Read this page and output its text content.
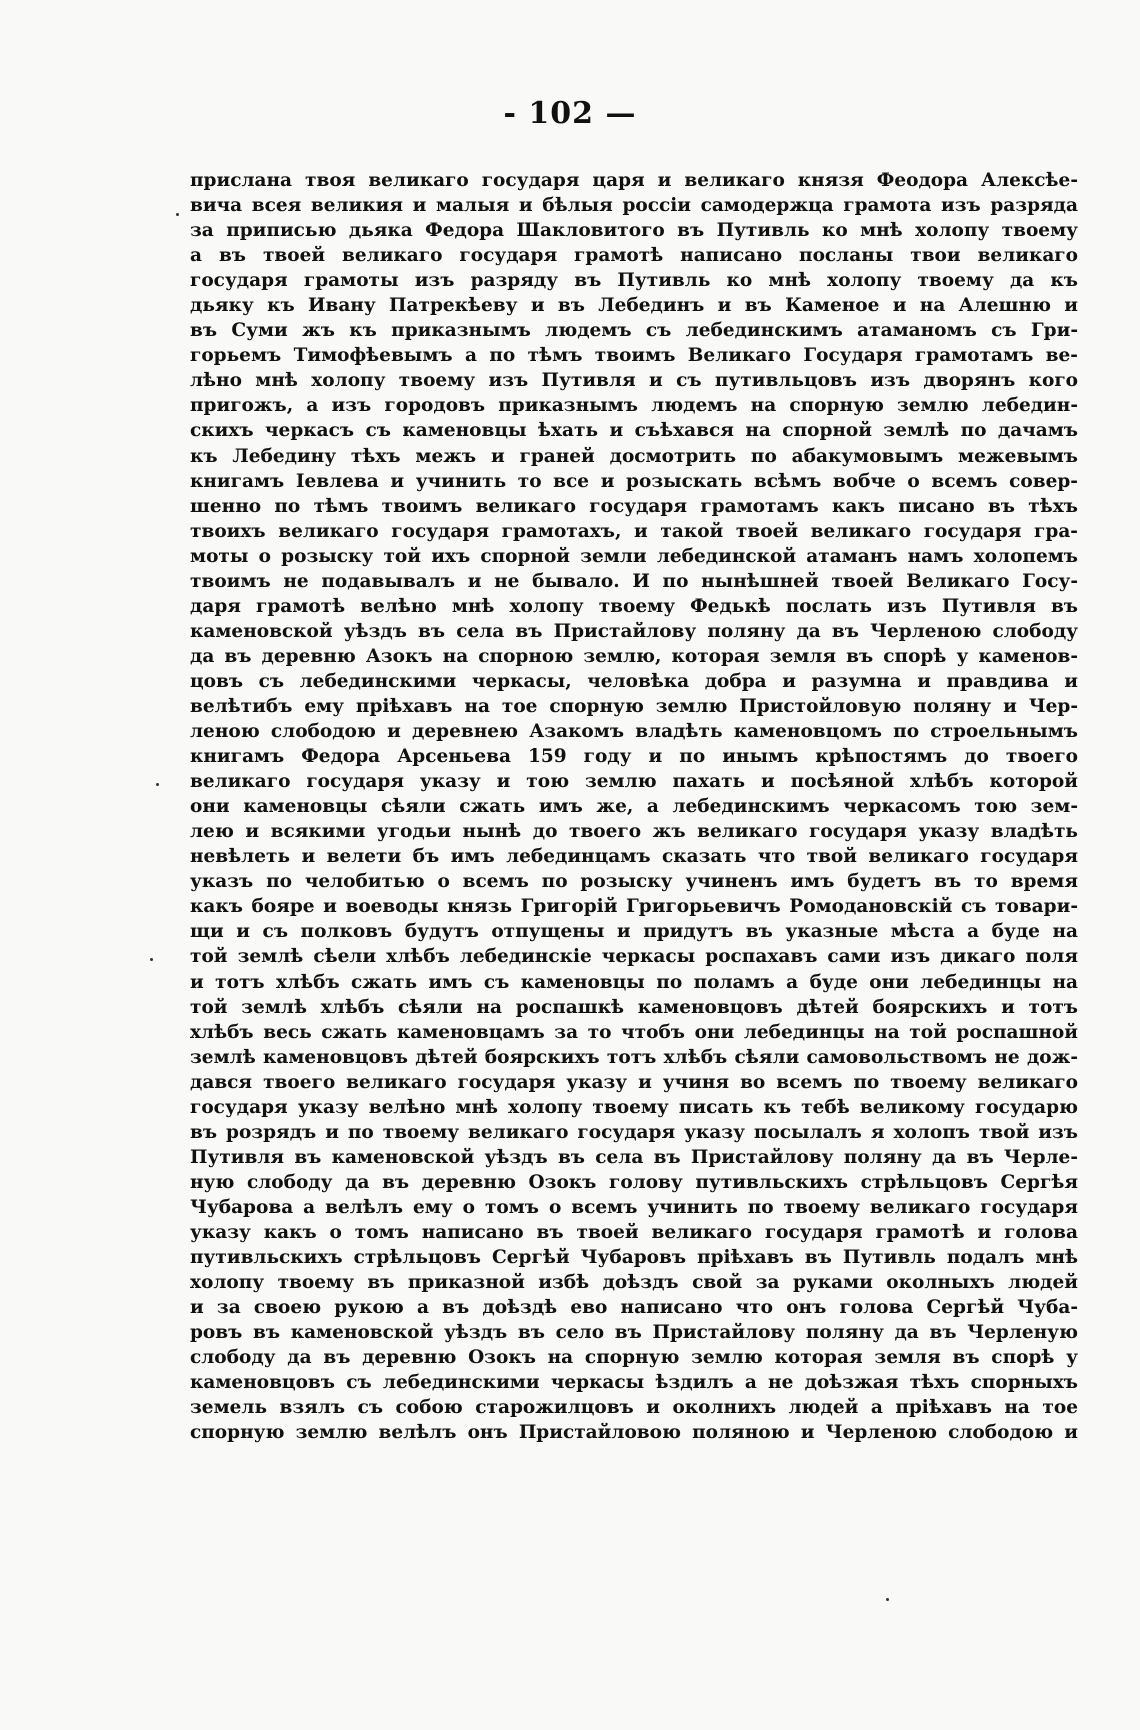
- 102 —
прислана твоя великаго государя царя и великаго князя Феодора Алексѣе-
вича всея великия и малыя и бѣлыя россіи самодержца грамота изъ разряда
за приписью дьяка Федора Шакловитого въ Путивль ко мнѣ холопу твоему
а въ твоей великаго государя грамотѣ написано посланы твои великаго
государя грамоты изъ разряду въ Путивль ко мнѣ холопу твоему да къ
дьяку къ Ивану Патрекѣеву и въ Лебединъ и въ Каменое и на Алешню и
въ Суми жъ къ приказнымъ людемъ съ лебединскимъ атаманомъ съ Гри-
горьемъ Тимофѣевымъ а по тѣмъ твоимъ Великаго Государя грамотамъ ве-
лѣно мнѣ холопу твоему изъ Путивля и съ путивльцовъ изъ дворянъ кого
пригожъ, а изъ городовъ приказнымъ людемъ на спорную землю лебедин-
скихъ черкасъ съ каменовцы ѣхать и съѣхався на спорной землѣ по дачамъ
къ Лебедину тѣхъ межъ и граней досмотрить по абакумовымъ межевымъ
книгамъ Іевлева и учинить то все и розыскать всѣмъ вобче о всемъ совер-
шенно по тѣмъ твоимъ великаго государя грамотамъ какъ писано въ тѣхъ
твоихъ великаго государя грамотахъ, и такой твоей великаго государя гра-
моты о розыску той ихъ спорной земли лебединской атаманъ намъ холопемъ
твоимъ не подавывалъ и не бывало. И по нынѣшней твоей Великаго Госу-
даря грамотѣ велѣно мнѣ холопу твоему Федькѣ послать изъ Путивля въ
каменовской уѣздъ въ села въ Пристайлову поляну да въ Черленою слободу
да въ деревню Азокъ на спорною землю, которая земля въ спорѣ у каменов-
цовъ съ лебединскими черкасы, человѣка добра и разумна и правдива и
велѣтибъ ему пріѣхавъ на тое спорную землю Пристойловую поляну и Чер-
леною слободою и деревнею Азакомъ владѣть каменовцомъ по строельнымъ
книгамъ Федора Арсеньева 159 году и по инымъ крѣпостямъ до твоего
великаго государя указу и тою землю пахать и посѣяной хлѣбъ которой
они каменовцы сѣяли сжать имъ же, а лебединскимъ черкасомъ тою зем-
лею и всякими угодьи нынѣ до твоего жъ великаго государя указу владѣть
невѣлеть и велети бъ имъ лебединцамъ сказать что твой великаго государя
указъ по челобитью о всемъ по розыску учиненъ имъ будетъ въ то время
какъ бояре и воеводы князь Григорій Григорьевичъ Ромодановскій съ товари-
щи и съ полковъ будутъ отпущены и придутъ въ указные мѣста а буде на
той землѣ сѣели хлѣбъ лебединскіе черкасы роспахавъ сами изъ дикаго поля
и тотъ хлѣбъ сжать имъ съ каменовцы по поламъ а буде они лебединцы на
той землѣ хлѣбъ сѣяли на роспашкѣ каменовцовъ дѣтей боярскихъ и тотъ
хлѣбъ весь сжать каменовцамъ за то чтобъ они лебединцы на той роспашной
землѣ каменовцовъ дѣтей боярскихъ тотъ хлѣбъ сѣяли самовольствомъ не дож-
дався твоего великаго государя указу и учиня во всемъ по твоему великаго
государя указу велѣно мнѣ холопу твоему писать къ тебѣ великому государю
въ розрядъ и по твоему великаго государя указу посылалъ я холопъ твой изъ
Путивля въ каменовской уѣздъ въ села въ Пристайлову поляну да въ Черле-
ную слободу да въ деревню Озокъ голову путивльскихъ стрѣльцовъ Сергѣя
Чубарова а велѣлъ ему о томъ о всемъ учинить по твоему великаго государя
указу какъ о томъ написано въ твоей великаго государя грамотѣ и голова
путивльскихъ стрѣльцовъ Сергѣй Чубаровъ пріѣхавъ въ Путивль подалъ мнѣ
холопу твоему въ приказной избѣ доѣздъ свой за руками околныхъ людей
и за своею рукою а въ доѣздѣ ево написано что онъ голова Сергѣй Чуба-
ровъ въ каменовской уѣздъ въ село въ Пристайлову поляну да въ Черленую
слободу да въ деревню Озокъ на спорную землю которая земля въ спорѣ у
каменовцовъ съ лебединскими черкасы ѣздилъ а не доѣзжая тѣхъ спорныхъ
земель взялъ съ собою старожилцовъ и околнихъ людей а пріѣхавъ на тое
спорную землю велѣлъ онъ Пристайловою поляною и Черленою слободою и
